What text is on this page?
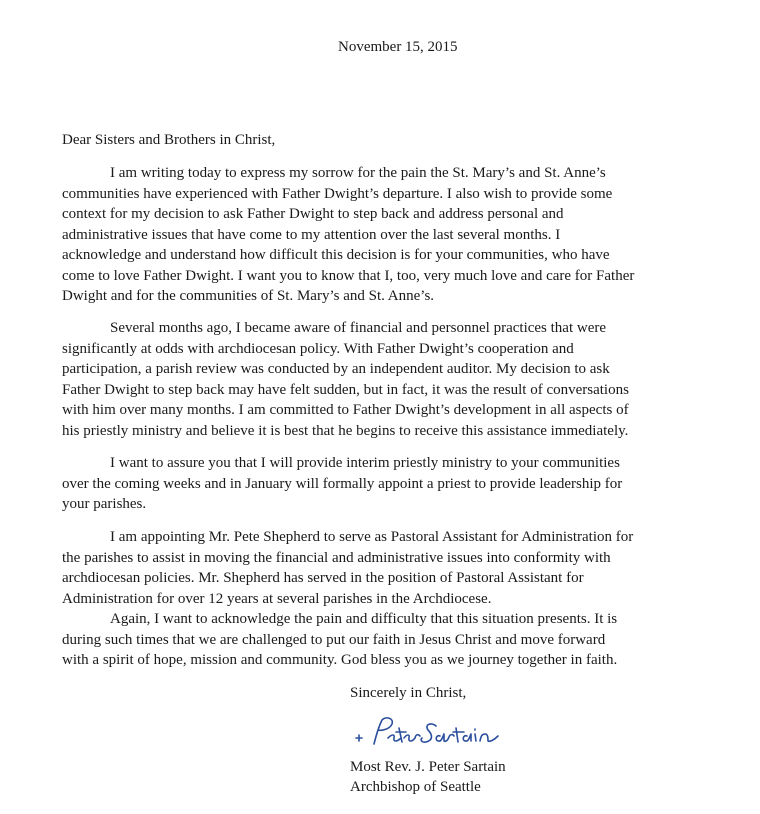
November 15, 2015
Dear Sisters and Brothers in Christ,
I am writing today to express my sorrow for the pain the St. Mary’s and St. Anne’s
communities have experienced with Father Dwight’s departure. I also wish to provide some
context for my decision to ask Father Dwight to step back and address personal and
administrative issues that have come to my attention over the last several months. I
acknowledge and understand how difficult this decision is for your communities, who have
come to love Father Dwight. I want you to know that I, too, very much love and care for Father
Dwight and for the communities of St. Mary’s and St. Anne’s.
Several months ago, I became aware of financial and personnel practices that were
significantly at odds with archdiocesan policy. With Father Dwight’s cooperation and
participation, a parish review was conducted by an independent auditor. My decision to ask
Father Dwight to step back may have felt sudden, but in fact, it was the result of conversations
with him over many months. I am committed to Father Dwight’s development in all aspects of
his priestly ministry and believe it is best that he begins to receive this assistance immediately.
I want to assure you that I will provide interim priestly ministry to your communities
over the coming weeks and in January will formally appoint a priest to provide leadership for
your parishes.
I am appointing Mr. Pete Shepherd to serve as Pastoral Assistant for Administration for
the parishes to assist in moving the financial and administrative issues into conformity with
archdiocesan policies. Mr. Shepherd has served in the position of Pastoral Assistant for
Administration for over 12 years at several parishes in the Archdiocese.
Again, I want to acknowledge the pain and difficulty that this situation presents. It is
during such times that we are challenged to put our faith in Jesus Christ and move forward
with a spirit of hope, mission and community. God bless you as we journey together in faith.
Sincerely in Christ,
Most Rev. J. Peter Sartain
Archbishop of Seattle
